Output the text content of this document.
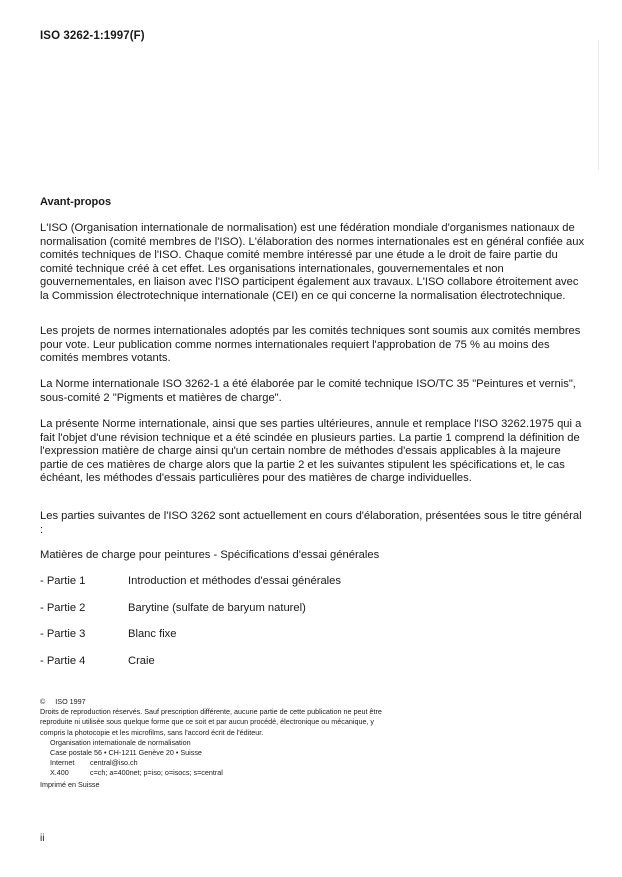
ISO 3262-1:1997(F)
Avant-propos

L'ISO (Organisation internationale de normalisation) est une fédération mondiale d'organismes nationaux de normalisation (comité membres de l'ISO). L'élaboration des normes internationales est en général confiée aux comités techniques de l'ISO. Chaque comité membre intéressé par une étude a le droit de faire partie du comité technique créé à cet effet. Les organisations internationales, gouvernementales et non gouvernementales, en liaison avec l'ISO participent également aux travaux. L'ISO collabore étroitement avec la Commission électrotechnique internationale (CEI) en ce qui concerne la normalisation électrotechnique.

Les projets de normes internationales adoptés par les comités techniques sont soumis aux comités membres pour vote. Leur publication comme normes internationales requiert l'approbation de 75 % au moins des comités membres votants.

La Norme internationale ISO 3262-1 a été élaborée par le comité technique ISO/TC 35 "Peintures et vernis", sous-comité 2 "Pigments et matières de charge".

La présente Norme internationale, ainsi que ses parties ultérieures, annule et remplace l'ISO 3262.1975 qui a fait l'objet d'une révision technique et a été scindée en plusieurs parties. La partie 1 comprend la définition de l'expression matière de charge ainsi qu'un certain nombre de méthodes d'essais applicables à la majeure partie de ces matières de charge alors que la partie 2 et les suivantes stipulent les spécifications et, le cas échéant, les méthodes d'essais particulières pour des matières de charge individuelles.

Les parties suivantes de l'ISO 3262 sont actuellement en cours d'élaboration, présentées sous le titre général :

Matières de charge pour peintures - Spécifications d'essai générales
- Partie 1	Introduction et méthodes d'essai générales
- Partie 2	Barytine (sulfate de baryum naturel)
- Partie 3	Blanc fixe
- Partie 4	Craie
© ISO 1997

Droits de reproduction réservés. Sauf prescription différente, aucune partie de cette publication ne peut être reproduite ni utilisée sous quelque forme que ce soit et par aucun procédé, électronique ou mécanique, y compris la photocopie et les microfilms, sans l'accord écrit de l'éditeur.

Organisation internationale de normalisation
Case postale 56 • CH-1211 Genève 20 • Suisse
Internet	central@iso.ch
X.400	c=ch; a=400net; p=iso; o=isocs; s=central
Imprimé en Suisse
ii
